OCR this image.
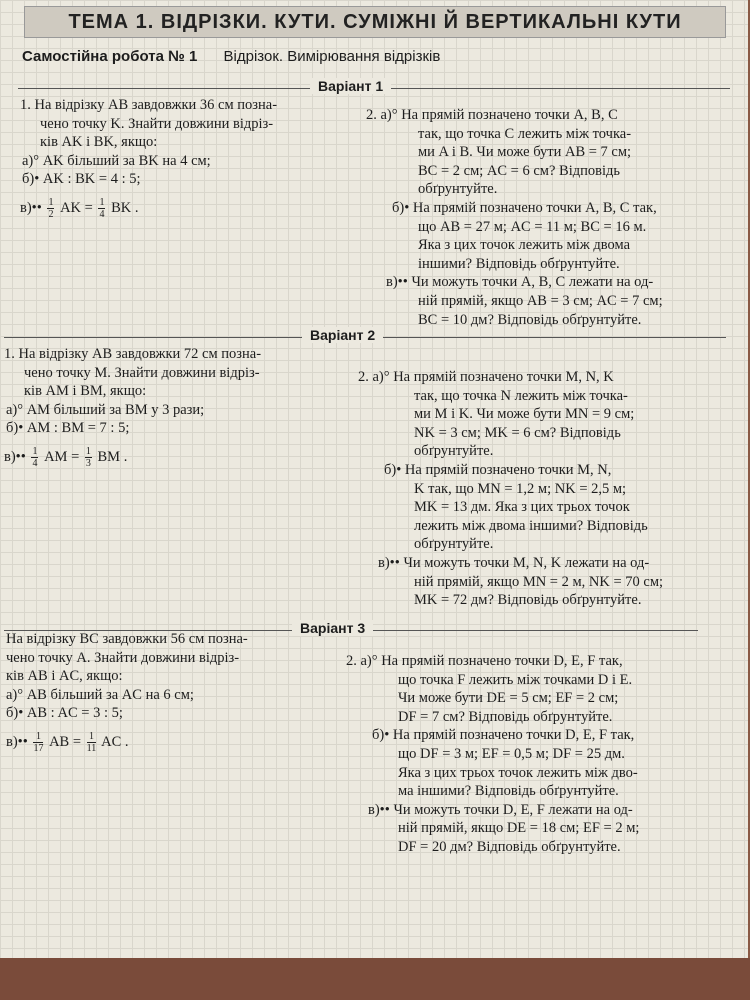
ТЕМА 1. ВІДРІЗКИ. КУТИ. СУМІЖНІ Й ВЕРТИКАЛЬНІ КУТИ
Самостійна робота № 1 Відрізок. Вимірювання відрізків
Варіант 1
1. На відрізку AB завдовжки 36 см позна-
чено точку K. Знайти довжини відріз-
ків AK і BK, якщо:
а)° AK більший за BK на 4 см;
б)• AK : BK = 4 : 5;
в)•• $\frac{1}{2}$ AK = $\frac{1}{4}$ BK .
2. а)° На прямій позначено точки A, B, C
так, що точка C лежить між точка-
ми A і B. Чи може бути AB = 7 см;
BC = 2 см; AC = 6 см? Відповідь
обґрунтуйте.
б)• На прямій позначено точки A, B, C так,
що AB = 27 м; AC = 11 м; BC = 16 м.
Яка з цих точок лежить між двома
іншими? Відповідь обґрунтуйте.
в)•• Чи можуть точки A, B, C лежати на од-
ній прямій, якщо AB = 3 см; AC = 7 см;
BC = 10 дм? Відповідь обґрунтуйте.
Варіант 2
1. На відрізку AB завдовжки 72 см позна-
чено точку M. Знайти довжини відріз-
ків AM і BM, якщо:
а)° AM більший за BM у 3 рази;
б)• AM : BM = 7 : 5;
в)•• $\frac{1}{4}$ AM = $\frac{1}{3}$ BM .
2. а)° На прямій позначено точки M, N, K
так, що точка N лежить між точка-
ми M і K. Чи може бути MN = 9 см;
NK = 3 см; MK = 6 см? Відповідь
обґрунтуйте.
б)• На прямій позначено точки M, N,
K так, що MN = 1,2 м; NK = 2,5 м;
MK = 13 дм. Яка з цих трьох точок
лежить між двома іншими? Відповідь
обґрунтуйте.
в)•• Чи можуть точки M, N, K лежати на од-
ній прямій, якщо MN = 2 м, NK = 70 см;
MK = 72 дм? Відповідь обґрунтуйте.
Варіант 3
На відрізку BC завдовжки 56 см позна-
чено точку A. Знайти довжини відріз-
ків AB і AC, якщо:
а)° AB більший за AC на 6 см;
б)• AB : AC = 3 : 5;
в)•• $\frac{1}{17}$ AB = $\frac{1}{11}$ AC .
2. а)° На прямій позначено точки D, E, F так,
що точка F лежить між точками D і E.
Чи може бути DE = 5 см; EF = 2 см;
DF = 7 см? Відповідь обґрунтуйте.
б)• На прямій позначено точки D, E, F так,
що DF = 3 м; EF = 0,5 м; DF = 25 дм.
Яка з цих трьох точок лежить між дво-
ма іншими? Відповідь обґрунтуйте.
в)•• Чи можуть точки D, E, F лежати на од-
ній прямій, якщо DE = 18 см; EF = 2 м;
DF = 20 дм? Відповідь обґрунтуйте.
